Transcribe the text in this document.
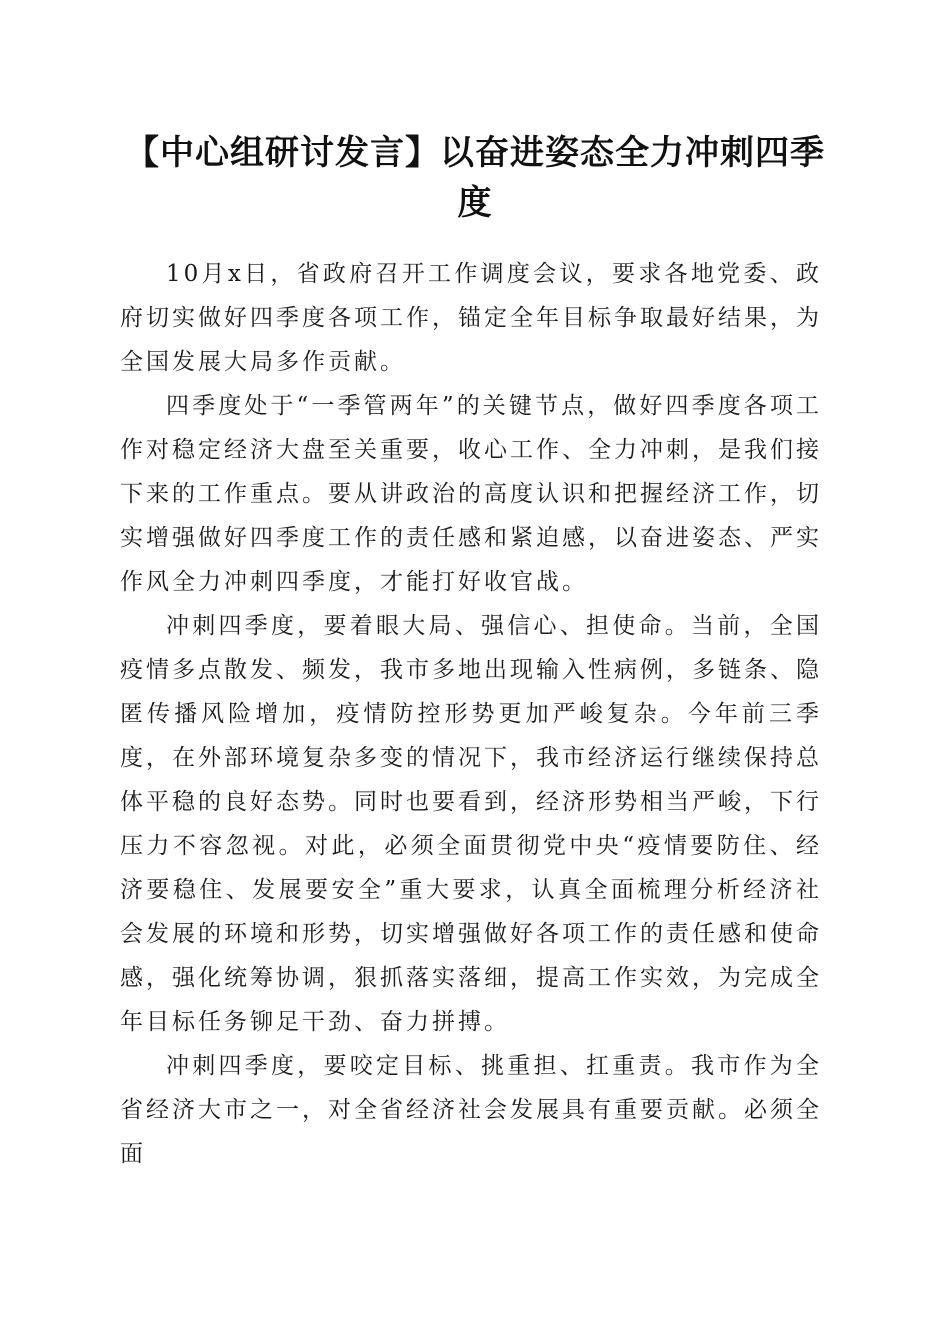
【中心组研讨发言】以奋进姿态全力冲刺四季度

10月x日，省政府召开工作调度会议，要求各地党委、政府切实做好四季度各项工作，锚定全年目标争取最好结果，为全国发展大局多作贡献。

四季度处于“一季管两年”的关键节点，做好四季度各项工作对稳定经济大盘至关重要，收心工作、全力冲刺，是我们接下来的工作重点。要从讲政治的高度认识和把握经济工作，切实增强做好四季度工作的责任感和紧迫感，以奋进姿态、严实作风全力冲刺四季度，才能打好收官战。

冲刺四季度，要着眼大局、强信心、担使命。当前，全国疫情多点散发、频发，我市多地出现输入性病例，多链条、隐匿传播风险增加，疫情防控形势更加严峻复杂。今年前三季度，在外部环境复杂多变的情况下，我市经济运行继续保持总体平稳的良好态势。同时也要看到，经济形势相当严峻，下行压力不容忽视。对此，必须全面贯彻党中央“疫情要防住、经济要稳住、发展要安全”重大要求，认真全面梳理分析经济社会发展的环境和形势，切实增强做好各项工作的责任感和使命感，强化统筹协调，狠抓落实落细，提高工作实效，为完成全年目标任务铆足干劲、奋力拼搏。

冲刺四季度，要咬定目标、挑重担、扛重责。我市作为全省经济大市之一，对全省经济社会发展具有重要贡献。必须全面
